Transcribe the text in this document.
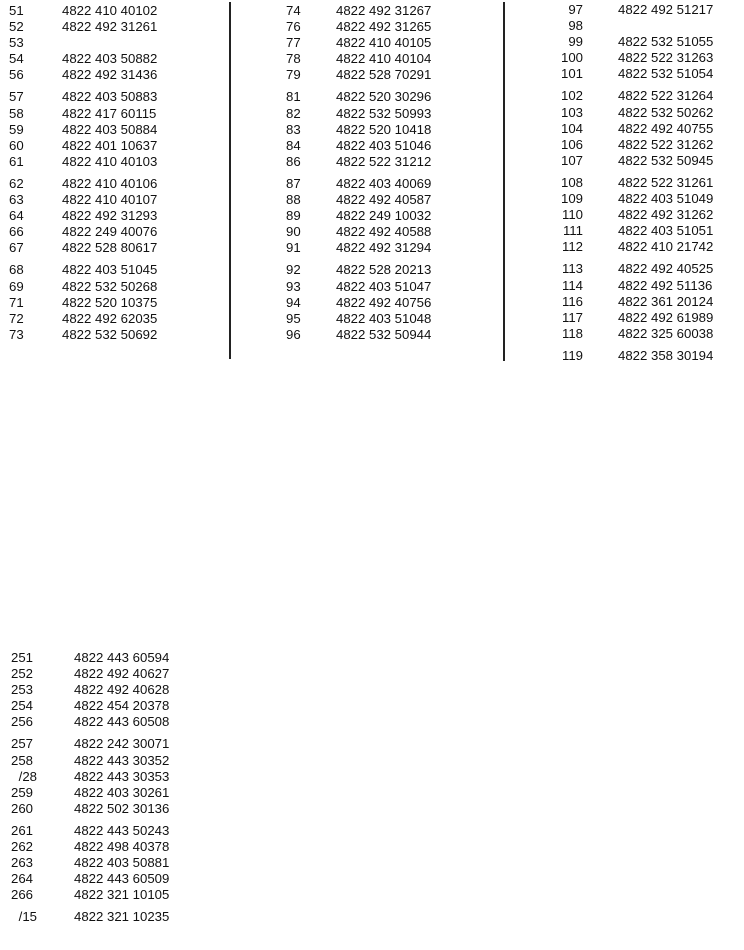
51	4822 410 40102
52	4822 492 31261
53
54	4822 403 50882
56	4822 492 31436
57	4822 403 50883
58	4822 417 60115
59	4822 403 50884
60	4822 401 10637
61	4822 410 40103
62	4822 410 40106
63	4822 410 40107
64	4822 492 31293
66	4822 249 40076
67	4822 528 80617
68	4822 403 51045
69	4822 532 50268
71	4822 520 10375
72	4822 492 62035
73	4822 532 50692
74	4822 492 31267
76	4822 492 31265
77	4822 410 40105
78	4822 410 40104
79	4822 528 70291
81	4822 520 30296
82	4822 532 50993
83	4822 520 10418
84	4822 403 51046
86	4822 522 31212
87	4822 403 40069
88	4822 492 40587
89	4822 249 10032
90	4822 492 40588
91	4822 492 31294
92	4822 528 20213
93	4822 403 51047
94	4822 492 40756
95	4822 403 51048
96	4822 532 50944
97	4822 492 51217
98
99	4822 532 51055
100	4822 522 31263
101	4822 532 51054
102	4822 522 31264
103	4822 532 50262
104	4822 492 40755
106	4822 522 31262
107	4822 532 50945
108	4822 522 31261
109	4822 403 51049
110	4822 492 31262
111	4822 403 51051
112	4822 410 21742
113	4822 492 40525
114	4822 492 51136
116	4822 361 20124
117	4822 492 61989
118	4822 325 60038
119	4822 358 30194
251	4822 443 60594
252	4822 492 40627
253	4822 492 40628
254	4822 454 20378
256	4822 443 60508
257	4822 242 30071
258	4822 443 30352
/28	4822 443 30353
259	4822 403 30261
260	4822 502 30136
261	4822 443 50243
262	4822 498 40378
263	4822 403 50881
264	4822 443 60509
266	4822 321 10105
/15	4822 321 10235
